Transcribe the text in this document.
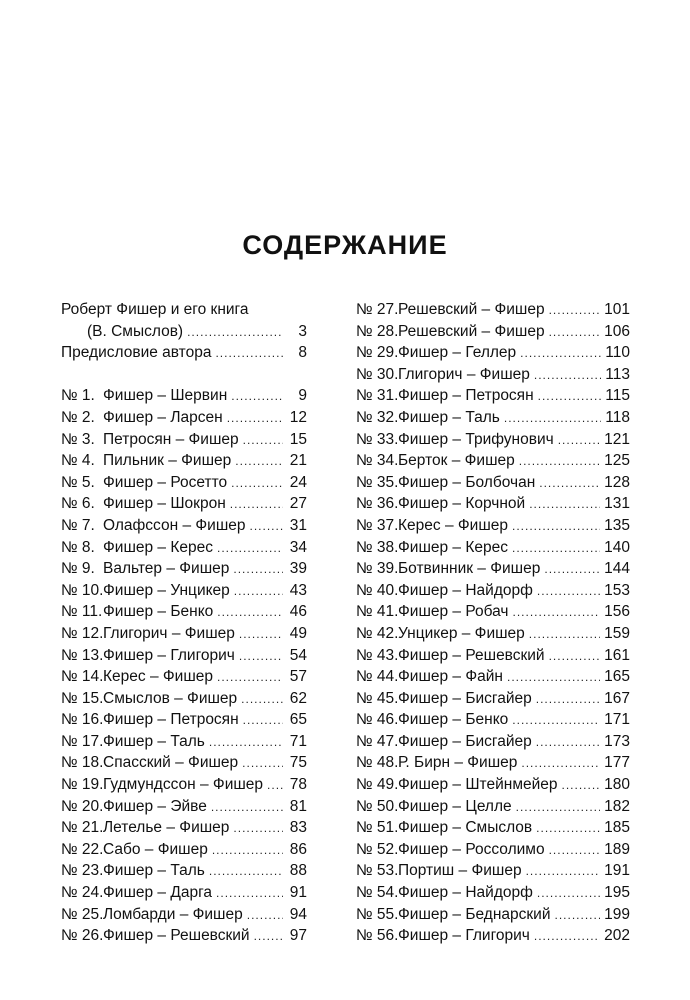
СОДЕРЖАНИЕ
Роберт Фишер и его книга
(В. Смыслов) .....	3
Предисловие автора .....	8
№ 1. Фишер – Шервин .....	9
№ 2. Фишер – Ларсен .....	12
№ 3. Петросян – Фишер .....	15
№ 4. Пильник – Фишер .....	21
№ 5. Фишер – Росетто .....	24
№ 6. Фишер – Шокрон .....	27
№ 7. Олафссон – Фишер .....	31
№ 8. Фишер – Керес .....	34
№ 9. Вальтер – Фишер .....	39
№ 10. Фишер – Унцикер .....	43
№ 11. Фишер – Бенко .....	46
№ 12. Глигорич – Фишер .....	49
№ 13. Фишер – Глигорич .....	54
№ 14. Керес – Фишер .....	57
№ 15. Смыслов – Фишер .....	62
№ 16. Фишер – Петросян .....	65
№ 17. Фишер – Таль .....	71
№ 18. Спасский – Фишер .....	75
№ 19. Гудмундссон – Фишер ..... 78
№ 20. Фишер – Эйве .....	81
№ 21. Летелье – Фишер .....	83
№ 22. Сабо – Фишер .....	86
№ 23. Фишер – Таль .....	88
№ 24. Фишер – Дарга .....	91
№ 25. Ломбарди – Фишер .....	94
№ 26. Фишер – Решевский .....	97
№ 27. Решевский – Фишер .....	101
№ 28. Решевский – Фишер .....	106
№ 29. Фишер – Геллер .....	110
№ 30. Глигорич – Фишер .....	113
№ 31. Фишер – Петросян .....	115
№ 32. Фишер – Таль .....	118
№ 33. Фишер – Трифунович .....	121
№ 34. Берток – Фишер .....	125
№ 35. Фишер – Болбочан .....	128
№ 36. Фишер – Корчной .....	131
№ 37. Керес – Фишер .....	135
№ 38. Фишер – Керес .....	140
№ 39. Ботвинник – Фишер .....	144
№ 40. Фишер – Найдорф .....	153
№ 41. Фишер – Робач .....	156
№ 42. Унцикер – Фишер .....	159
№ 43. Фишер – Решевский .....	161
№ 44. Фишер – Файн .....	165
№ 45. Фишер – Бисгайер .....	167
№ 46. Фишер – Бенко .....	171
№ 47. Фишер – Бисгайер .....	173
№ 48. Р. Бирн – Фишер .....	177
№ 49. Фишер – Штейнмейер .....	180
№ 50. Фишер – Целле .....	182
№ 51. Фишер – Смыслов .....	185
№ 52. Фишер – Россолимо .....	189
№ 53. Портиш – Фишер .....	191
№ 54. Фишер – Найдорф .....	195
№ 55. Фишер – Беднарский .....	199
№ 56. Фишер – Глигорич .....	202
